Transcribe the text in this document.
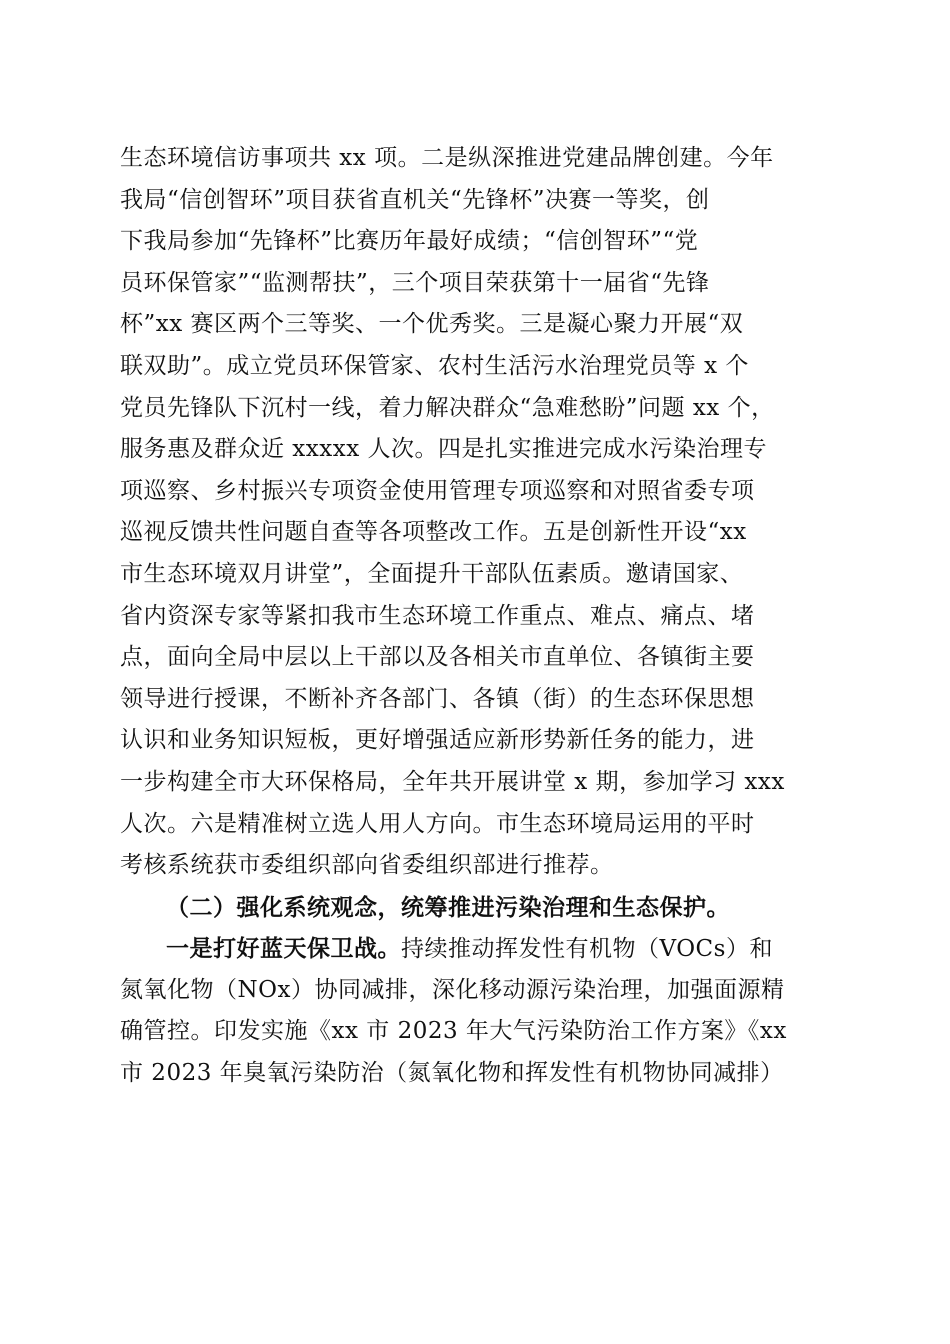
生态环境信访事项共 xx 项。二是纵深推进党建品牌创建。今年
我局“信创智环”项目获省直机关“先锋杯”决赛一等奖，创
下我局参加“先锋杯”比赛历年最好成绩；“信创智环”“党
员环保管家”“监测帮扶”，三个项目荣获第十一届省“先锋
杯”xx 赛区两个三等奖、一个优秀奖。三是凝心聚力开展“双
联双助”。成立党员环保管家、农村生活污水治理党员等 x 个
党员先锋队下沉村一线，着力解决群众“急难愁盼”问题 xx 个，
服务惠及群众近 xxxxx 人次。四是扎实推进完成水污染治理专
项巡察、乡村振兴专项资金使用管理专项巡察和对照省委专项
巡视反馈共性问题自查等各项整改工作。五是创新性开设“xx
市生态环境双月讲堂”，全面提升干部队伍素质。邀请国家、
省内资深专家等紧扣我市生态环境工作重点、难点、痛点、堵
点，面向全局中层以上干部以及各相关市直单位、各镇街主要
领导进行授课，不断补齐各部门、各镇（街）的生态环保思想
认识和业务知识短板，更好增强适应新形势新任务的能力，进
一步构建全市大环保格局，全年共开展讲堂 x 期，参加学习 xxx
人次。六是精准树立选人用人方向。市生态环境局运用的平时
考核系统获市委组织部向省委组织部进行推荐。
（二）强化系统观念，统筹推进污染治理和生态保护。
一是打好蓝天保卫战。持续推动挥发性有机物（VOCs）和
氮氧化物（NOx）协同减排，深化移动源污染治理，加强面源精
确管控。印发实施《xx 市 2023 年大气污染防治工作方案》《xx
市 2023 年臭氧污染防治（氮氧化物和挥发性有机物协同减排）
